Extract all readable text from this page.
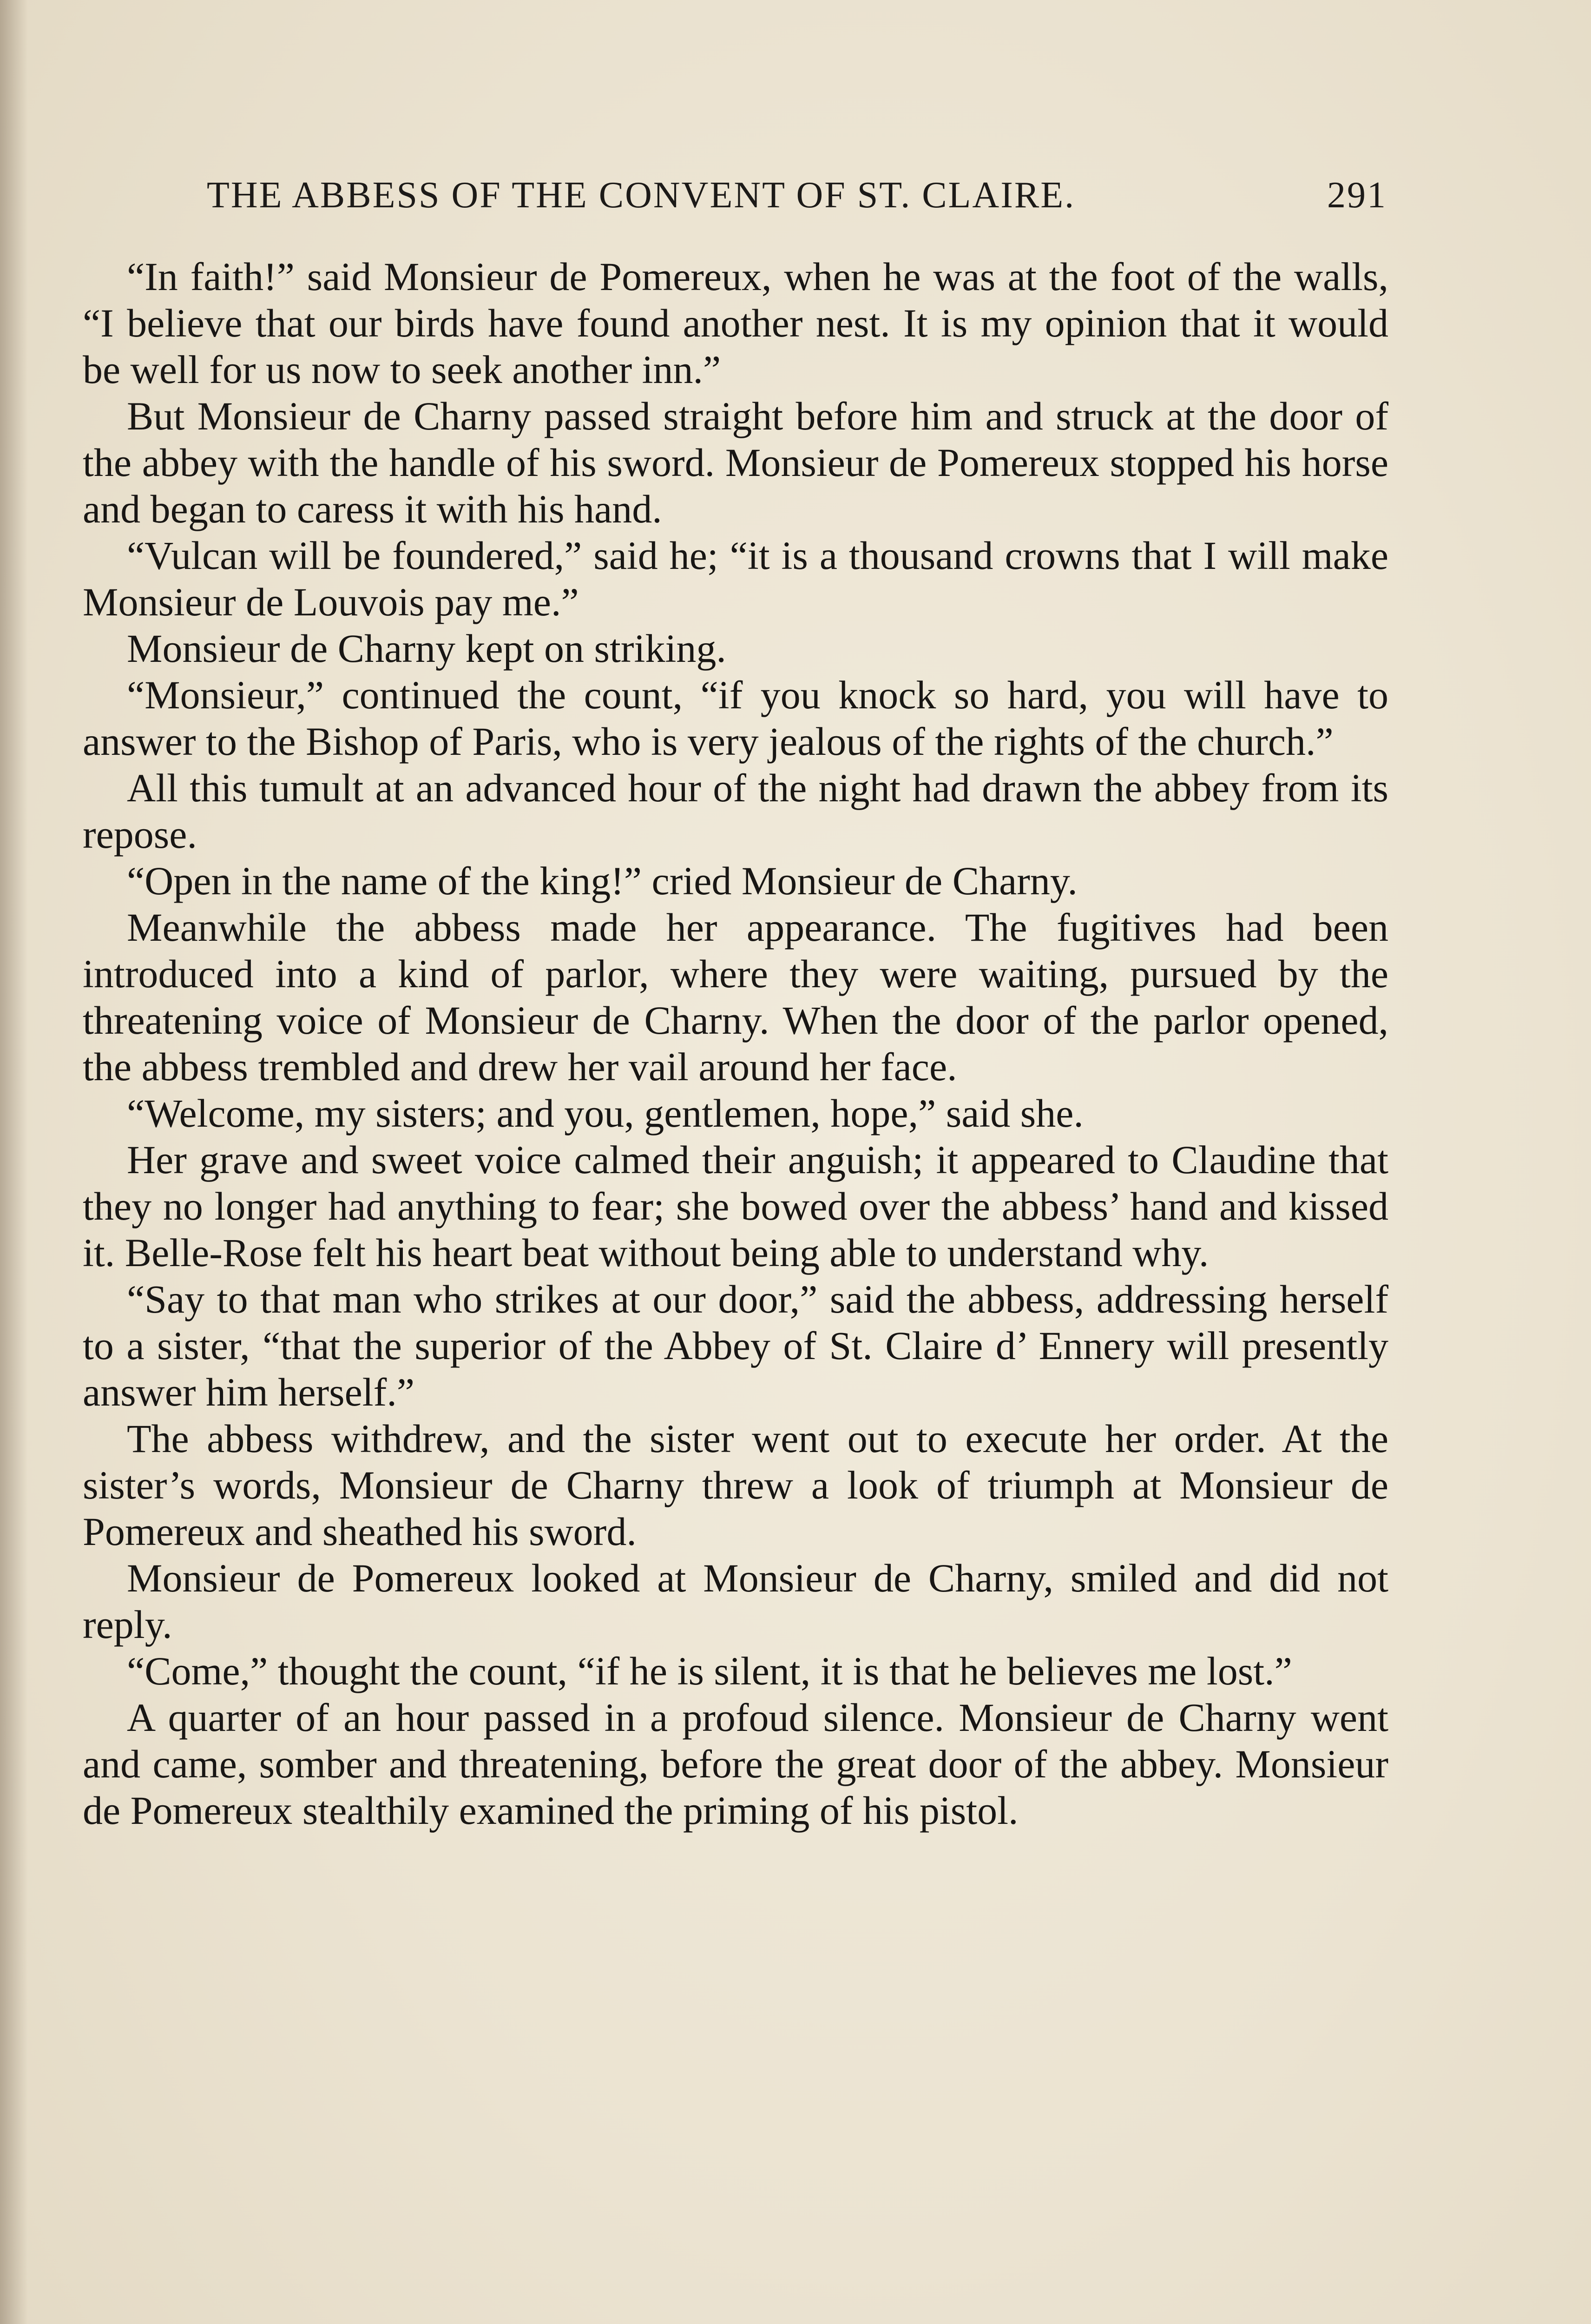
THE ABBESS OF THE CONVENT OF ST. CLAIRE.	291

“In faith!” said Monsieur de Pomereux, when he was at the foot of the walls, “I believe that our birds have found another nest. It is my opinion that it would be well for us now to seek another inn.”

But Monsieur de Charny passed straight before him and struck at the door of the abbey with the handle of his sword. Monsieur de Pomereux stopped his horse and began to caress it with his hand.

“Vulcan will be foundered,” said he; “it is a thousand crowns that I will make Monsieur de Louvois pay me.”

Monsieur de Charny kept on striking.

“Monsieur,” continued the count, “if you knock so hard, you will have to answer to the Bishop of Paris, who is very jealous of the rights of the church.”

All this tumult at an advanced hour of the night had drawn the abbey from its repose.

“Open in the name of the king!” cried Monsieur de Charny.

Meanwhile the abbess made her appearance. The fugitives had been introduced into a kind of parlor, where they were waiting, pursued by the threatening voice of Monsieur de Charny. When the door of the parlor opened, the abbess trembled and drew her vail around her face.

“Welcome, my sisters; and you, gentlemen, hope,” said she.

Her grave and sweet voice calmed their anguish; it appeared to Claudine that they no longer had anything to fear; she bowed over the abbess’ hand and kissed it. Belle-Rose felt his heart beat without being able to understand why.

“Say to that man who strikes at our door,” said the abbess, addressing herself to a sister, “that the superior of the Abbey of St. Claire d’ Ennery will presently answer him herself.”

The abbess withdrew, and the sister went out to execute her order. At the sister’s words, Monsieur de Charny threw a look of triumph at Monsieur de Pomereux and sheathed his sword.

Monsieur de Pomereux looked at Monsieur de Charny, smiled and did not reply.

“Come,” thought the count, “if he is silent, it is that he believes me lost.”

A quarter of an hour passed in a profoud silence. Monsieur de Charny went and came, somber and threatening, before the great door of the abbey. Monsieur de Pomereux stealthily examined the priming of his pistol.
